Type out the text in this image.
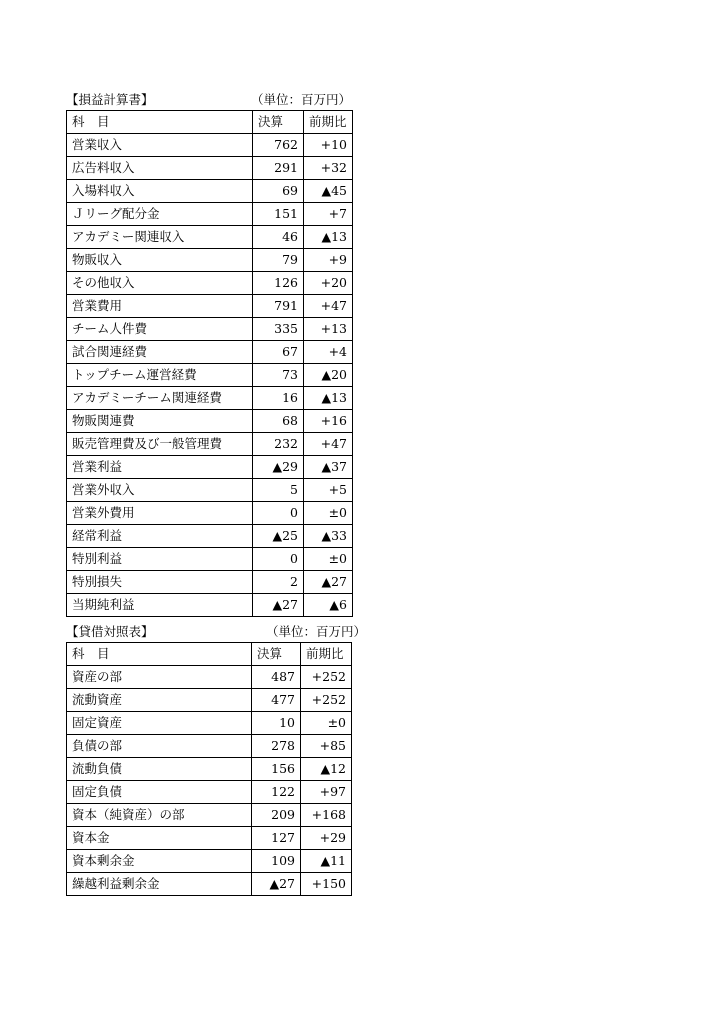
【損益計算書】	（単位：百万円）
科　目	決算	前期比
営業収入	762	+10
広告料収入	291	+32
入場料収入	69	▲45
Ｊリーグ配分金	151	+7
アカデミー関連収入	46	▲13
物販収入	79	+9
その他収入	126	+20
営業費用	791	+47
チーム人件費	335	+13
試合関連経費	67	+4
トップチーム運営経費	73	▲20
アカデミーチーム関連経費	16	▲13
物販関連費	68	+16
販売管理費及び一般管理費	232	+47
営業利益	▲29	▲37
営業外収入	5	+5
営業外費用	0	±0
経常利益	▲25	▲33
特別利益	0	±0
特別損失	2	▲27
当期純利益	▲27	▲6
【貸借対照表】	（単位：百万円）
科　目	決算	前期比
資産の部	487	+252
流動資産	477	+252
固定資産	10	±0
負債の部	278	+85
流動負債	156	▲12
固定負債	122	+97
資本（純資産）の部	209	+168
資本金	127	+29
資本剰余金	109	▲11
繰越利益剰余金	▲27	+150
